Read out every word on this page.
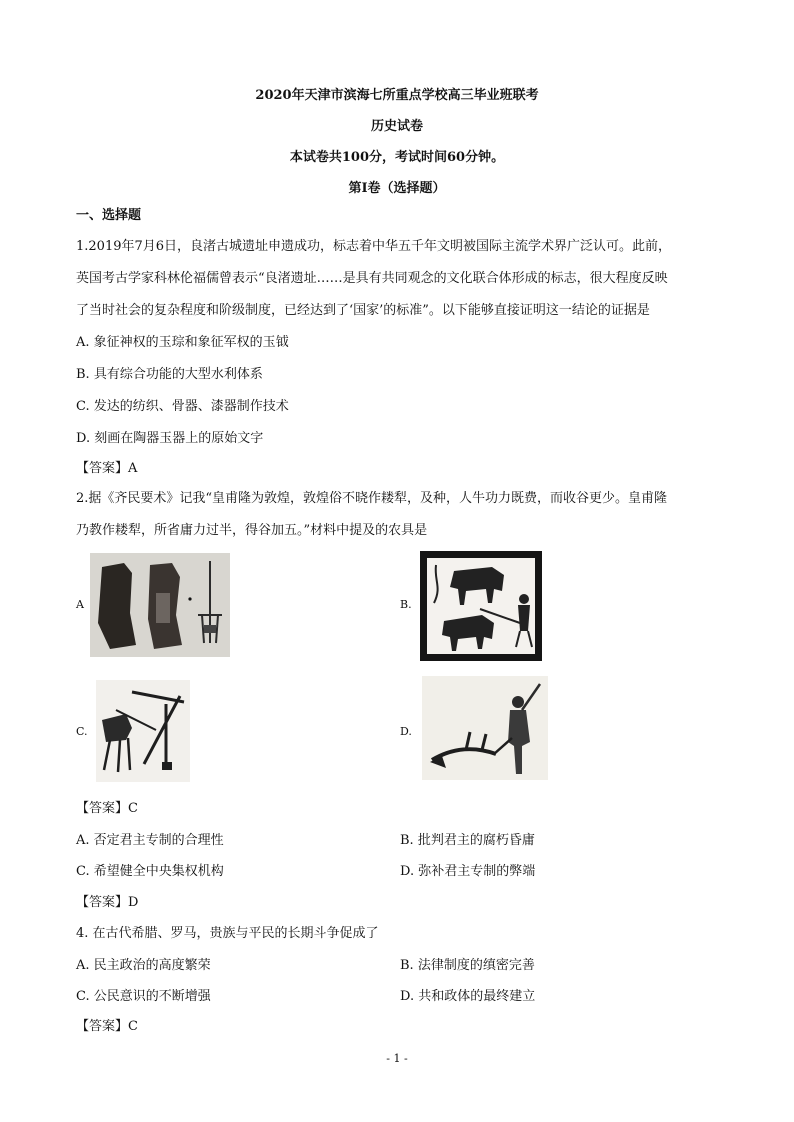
2020年天津市滨海七所重点学校高三毕业班联考
历史试卷
本试卷共100分，考试时间60分钟。
第Ⅰ卷（选择题）
一、选择题
1.2019年7月6日，良渚古城遗址申遗成功，标志着中华五千年文明被国际主流学术界广泛认可。此前，
英国考古学家科林伦福儒曾表示“良渚遗址……是具有共同观念的文化联合体形成的标志，很大程度反映
了当时社会的复杂程度和阶级制度，已经达到了‘国家’的标准”。以下能够直接证明这一结论的证据是
A. 象征神权的玉琮和象征军权的玉钺
B. 具有综合功能的大型水利体系
C. 发达的纺织、骨器、漆器制作技术
D. 刻画在陶器玉器上的原始文字
【答案】A
2.据《齐民要术》记我“皇甫隆为敦煌，敦煌俗不晓作耧犁，及种，人牛功力既费，而收谷更少。皇甫隆
乃教作耧犁，所省庸力过半，得谷加五。”材料中提及的农具是
A	B.
C.	D.
【答案】C
A. 否定君主专制的合理性	B. 批判君主的腐朽昏庸
C. 希望健全中央集权机构	D. 弥补君主专制的弊端
【答案】D
4. 在古代希腊、罗马，贵族与平民的长期斗争促成了
A. 民主政治的高度繁荣	B. 法律制度的缜密完善
C. 公民意识的不断增强	D. 共和政体的最终建立
【答案】C
- 1 -
